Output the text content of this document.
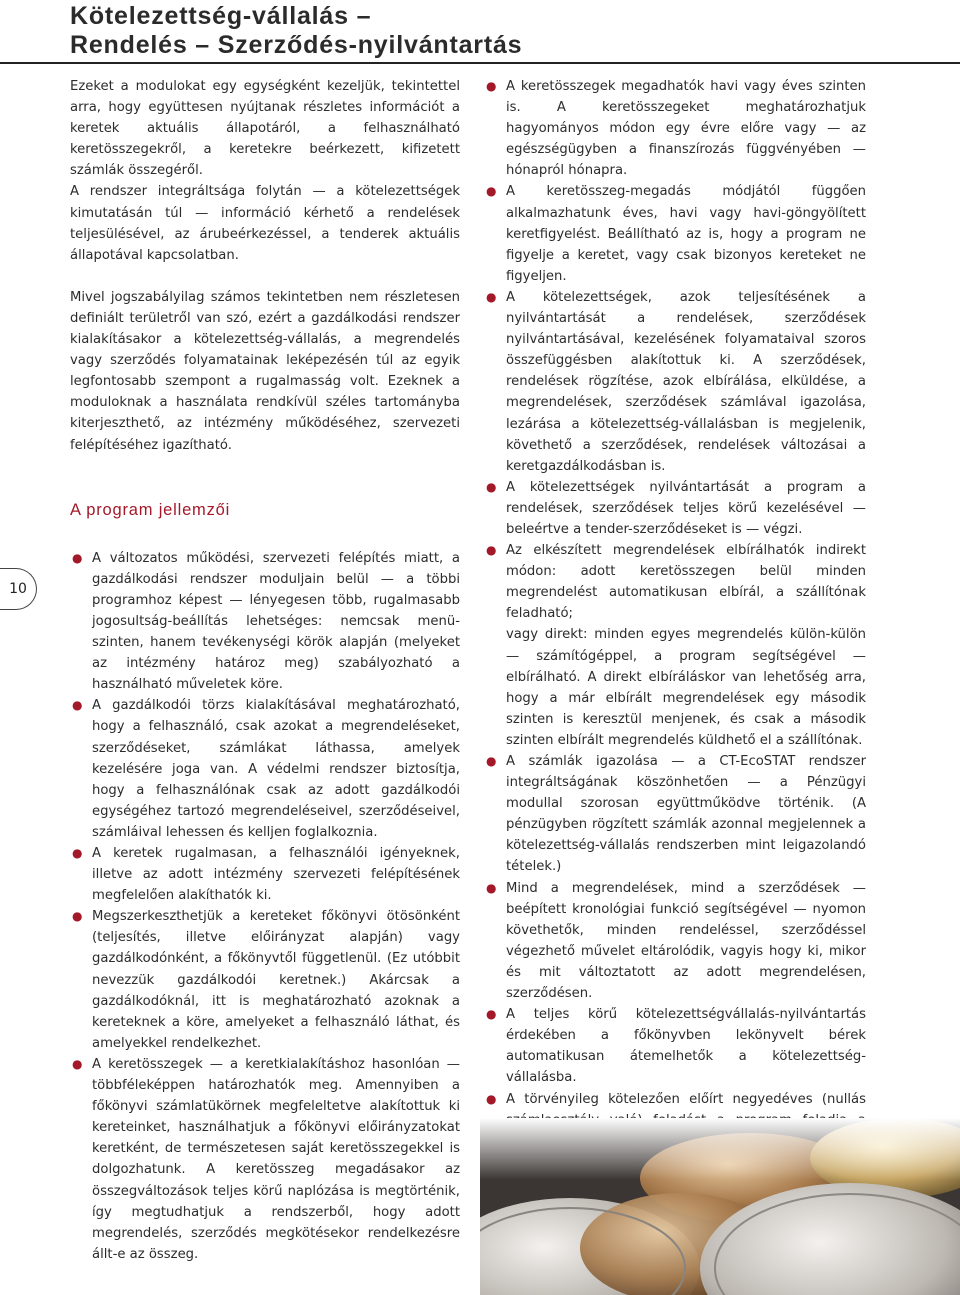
Kötelezettség-vállalás –
Rendelés – Szerződés-nyilvántartás
10

Ezeket a modulokat egy egységként kezeljük, tekintettel arra, hogy együttesen nyújtanak részletes információt a keretek aktuális állapotáról, a felhasználható keretösszegekről, a keretekre beérkezett, kifizetett számlák összegéről.

A rendszer integráltsága folytán — a kötelezettségek kimutatásán túl — információ kérhető a rendelések teljesülésével, az árubeérkezéssel, a tenderek aktuális állapotával kapcsolatban.

Mivel jogszabályilag számos tekintetben nem részletesen definiált területről van szó, ezért a gazdálkodási rendszer kialakításakor a kötelezettség-vállalás, a megrendelés vagy szerződés folyamatainak leképezésén túl az egyik legfontosabb szempont a rugalmasság volt. Ezeknek a moduloknak a használata rendkívül széles tartományba kiterjeszthető, az intézmény működéséhez, szervezeti felépítéséhez igazítható.

A program jellemzői
● A változatos működési, szervezeti felépítés miatt, a gazdálkodási rendszer moduljain belül — a többi programhoz képest — lényegesen több, rugalmasabb jogosultság-beállítás lehetséges: nemcsak menü-szinten, hanem tevékenységi körök alapján (melyeket az intézmény határoz meg) szabályozható a használható műveletek köre.
● A gazdálkodói törzs kialakításával meghatározható, hogy a felhasználó, csak azokat a megrendeléseket, szerződéseket, számlákat láthassa, amelyek kezelésére joga van. A védelmi rendszer biztosítja, hogy a felhasználónak csak az adott gazdálkodói egységéhez tartozó megrendeléseivel, szerződéseivel, számláival lehessen és kelljen foglalkoznia.
● A keretek rugalmasan, a felhasználói igényeknek, illetve az adott intézmény szervezeti felépítésének megfelelően alakíthatók ki.
● Megszerkeszthetjük a kereteket főkönyvi ötösönként (teljesítés, illetve előirányzat alapján) vagy gazdálkodónként, a főkönyvtől függetlenül. (Ez utóbbit nevezzük gazdálkodói keretnek.) Akárcsak a gazdálkodóknál, itt is meghatározható azoknak a kereteknek a köre, amelyeket a felhasználó láthat, és amelyekkel rendelkezhet.
● A keretösszegek — a keretkialakításhoz hasonlóan — többféleképpen határozhatók meg. Amennyiben a főkönyvi számlatükörnek megfeleltetve alakítottuk ki kereteinket, használhatjuk a főkönyvi előirányzatokat keretként, de természetesen saját keretösszegekkel is dolgozhatunk. A keretösszeg megadásakor az összegváltozások teljes körű naplózása is megtörténik, így megtudhatjuk a rendszerből, hogy adott megrendelés, szerződés megkötésekor rendelkezésre állt-e az összeg.
● A keretösszegek megadhatók havi vagy éves szinten is. A keretösszegeket meghatározhatjuk hagyományos módon egy évre előre vagy — az egészségügyben a finanszírozás függvényében — hónapról hónapra.

● A keretösszeg-megadás módjától függően alkalmazhatunk éves, havi vagy havi-göngyölített keretfigyelést. Beállítható az is, hogy a program ne figyelje a keretet, vagy csak bizonyos kereteket ne figyeljen.

● A kötelezettségek, azok teljesítésének a nyilvántartását a rendelések, szerződések nyilvántartásával, kezelésének folyamataival szoros összefüggésben alakítottuk ki. A szerződések, rendelések rögzítése, azok elbírálása, elküldése, a megrendelések, szerződések számlával igazolása, lezárása a kötelezettség-vállalásban is megjelenik, követhető a szerződések, rendelések változásai a keretgazdálkodásban is.

● A kötelezettségek nyilvántartását a program a rendelések, szerződések teljes körű kezelésével — beleértve a tender-szerződéseket is — végzi.

● Az elkészített megrendelések elbírálhatók indirekt módon: adott keretösszegen belül minden megrendelést automatikusan elbírál, a szállítónak feladható;

vagy direkt: minden egyes megrendelés külön-külön — számítógéppel, a program segítségével — elbírálható. A direkt elbíráláskor van lehetőség arra, hogy a már elbírált megrendelések egy második szinten is keresztül menjenek, és csak a második szinten elbírált megrendelés küldhető el a szállítónak.

● A számlák igazolása — a CT-EcoSTAT rendszer integráltságának köszönhetően — a Pénzügyi modullal szorosan együttműködve történik. (A pénzügyben rögzített számlák azonnal megjelennek a kötelezettség-vállalás rendszerben mint leigazolandó tételek.)

● Mind a megrendelések, mind a szerződések — beépített kronológiai funkció segítségével — nyomon követhetők, minden rendeléssel, szerződéssel végezhető művelet eltárolódik, vagyis hogy ki, mikor és mit változtatott az adott megrendelésen, szerződésen.

● A teljes körű kötelezettségvállalás-nyilvántartás érdekében a főkönyvben lekönyvelt bérek automatikusan átemelhetők a kötelezettség-vállalásba.

● A törvényileg kötelezően előírt negyedéves (nullás
